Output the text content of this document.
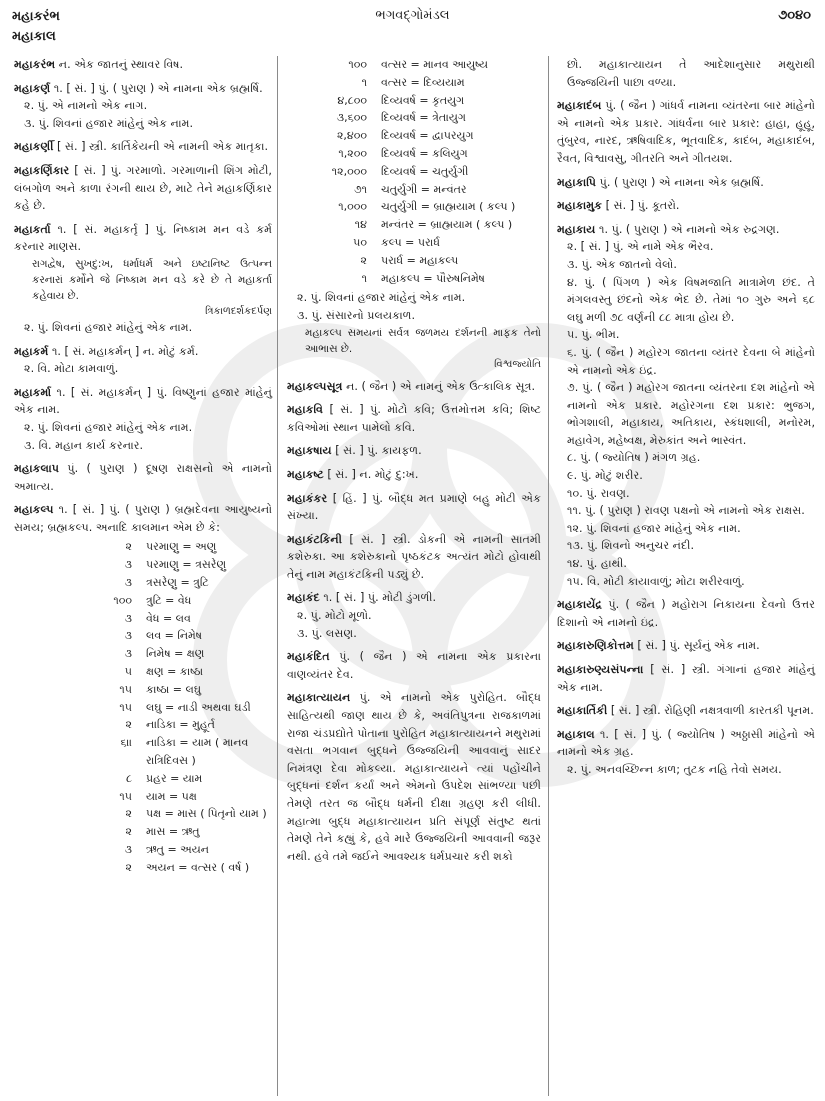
મહાકરંભ
મહાકાલ
ભગવદ્ગોમંડલ	૭૦૪૦
મહાકરંભ ન. એક જાતનું સ્થાવર વિષ.
મહાકર્ણ ૧. [ સં. ] પું. ( પુરાણ ) એ નામના એક બ્રહ્મર્ષિ.
૨. પું. એ નામનો એક નાગ.
૩. પું. શિવનાં હજાર માંહેનું એક નામ.
મહાકર્ણી [ સં. ] સ્ત્રી. કાર્તિકેયની એ નામની એક માતૃકા.
મહાકર્ણિકાર [ સં. ] પું. ગરમાળો. ગરમાળાની શિંગ મોટી, લંબગોળ અને કાળા રંગની થાય છે, માટે તેને મહાકર્ણિકાર કહે છે.
મહાકર્તા ૧. [ સં. મહાકર્તૃ ] પું. નિષ્કામ મન વડે કર્મ કરનાર માણસ.
રાગદ્વેષ, સુખદુ:ખ, ધર્માધર્મ અને ઇષ્ટાનિષ્ટ ઉત્પન્ન કરનારાં કર્મોને જે નિષ્કામ મન વડે કરે છે તે મહાકર્તા કહેવાય છે.
ત્રિકાળદર્શકદર્પણ
૨. પું. શિવનાં હજાર માંહેનું એક નામ.
મહાકર્મ ૧. [ સં. મહાકર્મન્ ] ન. મોટું કર્મ.
૨. વિ. મોટા કામવાળું.
મહાકર્મા ૧. [ સં. મહાકર્મન્ ] પું. વિષ્ણુનાં હજાર માંહેનું એક નામ.
૨. પું. શિવનાં હજાર માંહેનું એક નામ.
૩. વિ. મહાન કાર્ય કરનાર.
મહાકલાપ પું. ( પુરાણ ) દૂષણ રાક્ષસનો એ નામનો અમાત્ય.
મહાકલ્પ ૧. [ સં. ] પું. ( પુરાણ ) બ્રહ્મદેવના આયુષ્યનો સમય; બ્રહ્મકલ્પ. અનાદિ કાલમાન એમ છે કે:
૨	પરમાણુ = અણુ
૩	પરમાણુ = ત્રસરેણુ
૩	ત્રસરેણુ = ત્રુટિ
૧૦૦	ત્રુટિ = વેધ
૩	વેધ = લવ
૩	લવ = નિમેષ
૩	નિમેષ = ક્ષણ
૫	ક્ષણ = કાષ્ઠા
૧૫	કાષ્ઠા = લઘુ
૧૫	લઘુ = નાડી અથવા ઘડી
૨	નાડિકા = મુહૂર્ત
૬ાા	નાડિકા = યામ ( માનવ રાત્રિદિવસ )
૮	પ્રહર = યામ
૧૫	યામ = પક્ષ
૨	પક્ષ = માસ ( પિતૃનો યામ )
૨	માસ = ઋતુ
૩	ઋતુ = અયન
૨	અયન = વત્સર ( વર્ષ )
૧૦૦	વત્સર = માનવ આયુષ્ય
૧	વત્સર = દિવ્યયામ
૪,૮૦૦	દિવ્યવર્ષ = કૃતયુગ
૩,૬૦૦	દિવ્યવર્ષ = ત્રેતાયુગ
૨,૪૦૦	દિવ્યવર્ષ = દ્વાપરયુગ
૧,૨૦૦	દિવ્યવર્ષ = કલિયુગ
૧૨,૦૦૦	દિવ્યવર્ષ = ચતુર્યુગી
૭૧	ચતુર્યુગી = મન્વંતર
૧,૦૦૦	ચતુર્યુગી = બ્રાહ્મયામ ( કલ્પ )
૧૪	મન્વંતર = બ્રાહ્મયામ ( કલ્પ )
૫૦	કલ્પ = પરાર્ધ
૨	પરાર્ધ = મહાકલ્પ
૧	મહાકલ્પ = પૌરુષનિમેષ
૨. પું. શિવનાં હજાર માંહેનું એક નામ.
૩. પું. સંસારનો પ્રલયકાળ.
મહાકલ્પ સમયનાં સર્વત્ર જળમય દર્શનની માફક તેનો આભાસ છે.
વિશ્વજ્યોતિ
મહાકલ્પસૂત્ર ન. ( જૈન ) એ નામનું એક ઉત્કાલિક સૂત્ર.
મહાકવિ [ સં. ] પું. મોટો કવિ; ઉત્તમોત્તમ કવિ; શિષ્ટ કવિઓમાં સ્થાન પામેલો કવિ.
મહાકષાય [ સં. ] પું. કાયફળ.
મહાકષ્ટ [ સં. ] ન. મોટું દુ:ખ.
મહાકંકર [ હિં. ] પું. બૌદ્ધ મત પ્રમાણે બહુ મોટી એક સંખ્યા.
મહાકંટકિની [ સં. ] સ્ત્રી. ડોકની એ નામની સાતમી કશેરુકા. આ કશેરુકાનો પૃષ્ઠકંટક અત્યંત મોટો હોવાથી તેનું નામ મહાકંટકિની પડ્યું છે.
મહાકંદ ૧. [ સં. ] પું. મોટી ડુંગળી.
૨. પું. મોટો મૂળો.
૩. પું. લસણ.
મહાકંદિત પું. ( જૈન ) એ નામના એક પ્રકારના વાણવ્યંતર દેવ.
મહાકાત્યાયન પું. એ નામનો એક પુરોહિત. બૌદ્ધ સાહિત્યથી જાણ થાય છે કે, અવંતિપુત્રના રાજકાળમાં રાજા ચંડપ્રદ્યોતે પોતાના પુરોહિત મહાકાત્યાયનને મથુરામાં વસતા ભગવાન બુદ્ધને ઉજ્જયિની આવવાનું સાદર નિમંત્રણ દેવા મોકલ્યા. મહાકાત્યાયને ત્યાં પહોંચીને બુદ્ધનાં દર્શન કર્યાં અને એમનો ઉપદેશ સાંભળ્યા પછી તેમણે તરત જ બૌદ્ધ ધર્મની દીક્ષા ગ્રહણ કરી લીધી. મહાત્મા બુદ્ધ મહાકાત્યાયન પ્રતિ સંપૂર્ણ સંતુષ્ટ થતાં તેમણે તેને કહ્યું કે, હવે મારે ઉજ્જયિની આવવાની જરૂર નથી. હવે તમે જઈને આવશ્યક ધર્મપ્રચાર કરી શકો
છો. મહાકાત્યાયન તે આદેશાનુસાર મથુરાથી ઉજ્જયિની પાછા વળ્યા.
મહાકાદંબ પું. ( જૈન ) ગાંધર્વ નામના વ્યંતરના બાર માંહેનો એ નામનો એક પ્રકાર. ગાંધર્વના બાર પ્રકાર: હાહા, હૂહૂ, તુંબુરવ, નારદ, ઋષિવાદિક, ભૂતવાદિક, કાદંબ, મહાકાદંબ, રૈવત, વિશ્વાવસુ, ગીતરતિ અને ગીતયશ.
મહાકાપિ પું. ( પુરાણ ) એ નામના એક બ્રહ્મર્ષિ.
મહાકામુક [ સં. ] પું. કૂતરો.
મહાકાય ૧. પું. ( પુરાણ ) એ નામનો એક રુદ્રગણ.
૨. [ સં. ] પું. એ નામે એક ભૈરવ.
૩. પું. એક જાતનો વેલો.
૪. પું. ( પિંગળ ) એક વિષમજાતિ માત્રામેળ છંદ. તે મંગલવસ્તુ છંદનો એક ભેદ છે. તેમાં ૧૦ ગુરુ અને ૬૮ લઘુ મળી ૭૮ વર્ણની ૮૮ માત્રા હોય છે.
૫. પું. ભીમ.
૬. પું. ( જૈન ) મહોરગ જાતના વ્યંતર દેવના બે માંહેનો એ નામનો એક ઇંદ્ર.
૭. પું. ( જૈન ) મહોરગ જાતના વ્યંતરના દશ માંહેનો એ નામનો એક પ્રકાર. મહોરગના દશ પ્રકાર: ભુજગ, ભોગશાલી, મહાકાય, અતિકાય, સ્કંધશાલી, મનોરમ, મહાવેગ, મહેષ્વક્ષ, મેરુકાંત અને ભાસ્વંત.
૮. પું. ( જ્યોતિષ ) મંગળ ગ્રહ.
૯. પું. મોટું શરીર.
૧૦. પું. રાવણ.
૧૧. પું. ( પુરાણ ) રાવણ પક્ષનો એ નામનો એક રાક્ષસ.
૧૨. પું. શિવનાં હજાર માંહેનું એક નામ.
૧૩. પું. શિવનો અનુચર નંદી.
૧૪. પું. હાથી.
૧૫. વિ. મોટી કાયાવાળું; મોટા શરીરવાળું.
મહાકાયેંદ્ર પું. ( જૈન ) મહોરાગ નિકાયના દેવનો ઉત્તર દિશાનો એ નામનો ઇંદ્ર.
મહાકારુણિકોત્તમ [ સં. ] પું. સૂર્યનું એક નામ.
મહાકારુણ્યસંપન્ના [ સં. ] સ્ત્રી. ગંગાનાં હજાર માંહેનું એક નામ.
મહાકાર્તિકી [ સં. ] સ્ત્રી. રોહિણી નક્ષત્રવાળી કારતકી પૂનમ.
મહાકાલ ૧. [ સં. ] પું. ( જ્યોતિષ ) અઠ્ઠાસી માંહેનો એ નામનો એક ગ્રહ.
૨. પું. અનવચ્છિન્ન કાળ; તુટક નહિ તેવો સમય.
